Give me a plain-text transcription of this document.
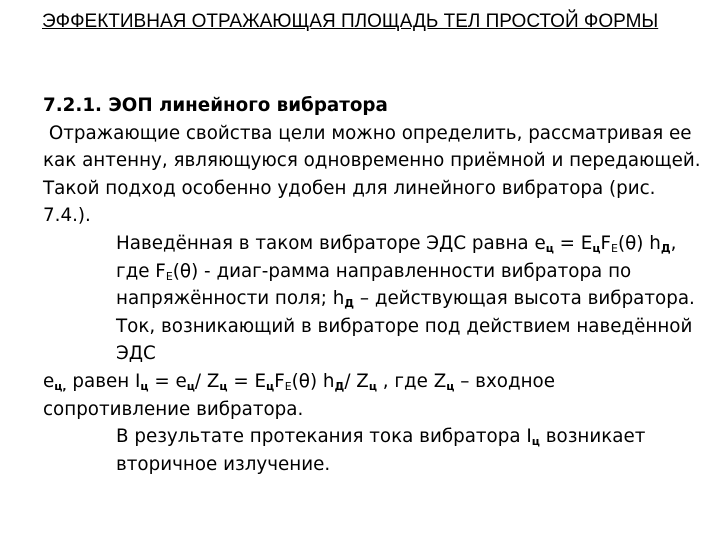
ЭФФЕКТИВНАЯ ОТРАЖАЮЩАЯ ПЛОЩАДЬ ТЕЛ ПРОСТОЙ ФОРМЫ

7.2.1. ЭОП линейного вибратора

Отражающие свойства цели можно определить, рассматривая ее как антенну, являющуюся одновременно приёмной и передающей. Такой подход особенно удобен для линейного вибратора (рис. 7.4.).

Наведённая в таком вибраторе ЭДС равна $e_ц = E_цF_E(\theta)$ $h_Д$, где $F_E(\theta)$ - диаг-рамма направленности вибратора по напряжённости поля; $h_Д$ – действующая высота вибратора. Ток, возникающий в вибраторе под действием наведённой ЭДС

$e_{ц,}$ равен $I_ц = e_ц/$ $Z_ц = E_цF_E(\theta)$ $h_Д/$ $Z_ц$ , где $Z_ц$ – входное сопротивление вибратора.

В результате протекания тока вибратора $I_ц$ возникает вторичное излучение.
